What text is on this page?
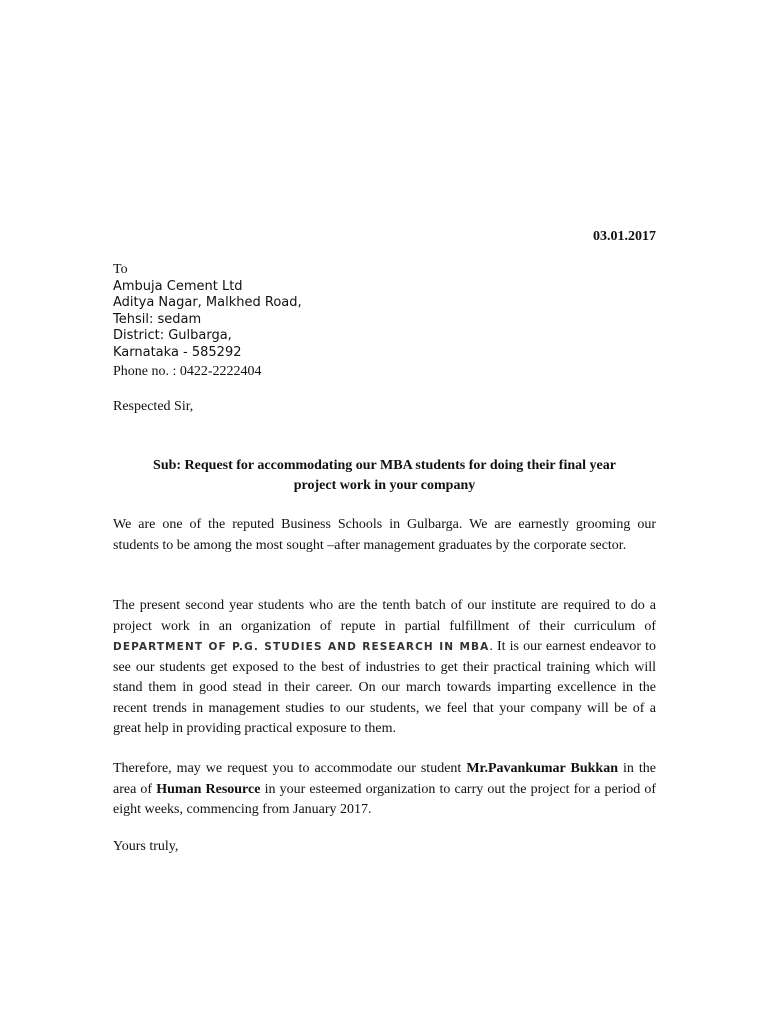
03.01.2017
To
Ambuja Cement Ltd
Aditya Nagar, Malkhed Road,
Tehsil: sedam
District: Gulbarga,
Karnataka - 585292
Phone no. : 0422-2222404
Respected Sir,
Sub: Request for accommodating our MBA students for doing their final year
project work in your company
We are one of the reputed Business Schools in Gulbarga. We are earnestly grooming our students to be among the most sought –after management graduates by the corporate sector.
The present second year students who are the tenth batch of our institute are required to do a project work in an organization of repute in partial fulfillment of their curriculum of DEPARTMENT OF P.G. STUDIES AND RESEARCH IN MBA. It is our earnest endeavor to see our students get exposed to the best of industries to get their practical training which will stand them in good stead in their career. On our march towards imparting excellence in the recent trends in management studies to our students, we feel that your company will be of a great help in providing practical exposure to them.
Therefore, may we request you to accommodate our student Mr.Pavankumar Bukkan in the area of Human Resource in your esteemed organization to carry out the project for a period of eight weeks, commencing from January 2017.
Yours truly,
